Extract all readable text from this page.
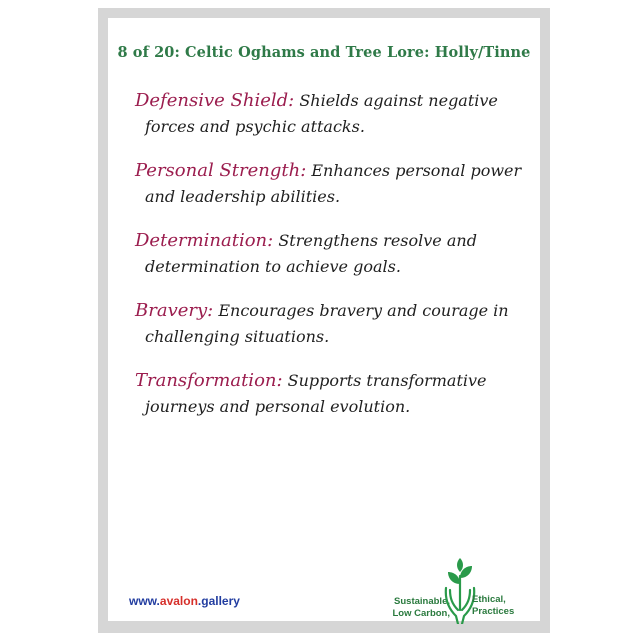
8 of 20: Celtic Oghams and Tree Lore: Holly/Tinne
Defensive Shield: Shields against negative forces and psychic attacks.
Personal Strength: Enhances personal power and leadership abilities.
Determination: Strengthens resolve and determination to achieve goals.
Bravery: Encourages bravery and courage in challenging situations.
Transformation: Supports transformative journeys and personal evolution.
www.avalon.gallery	Sustainable,
Low Carbon,
Ethical,
Practices
